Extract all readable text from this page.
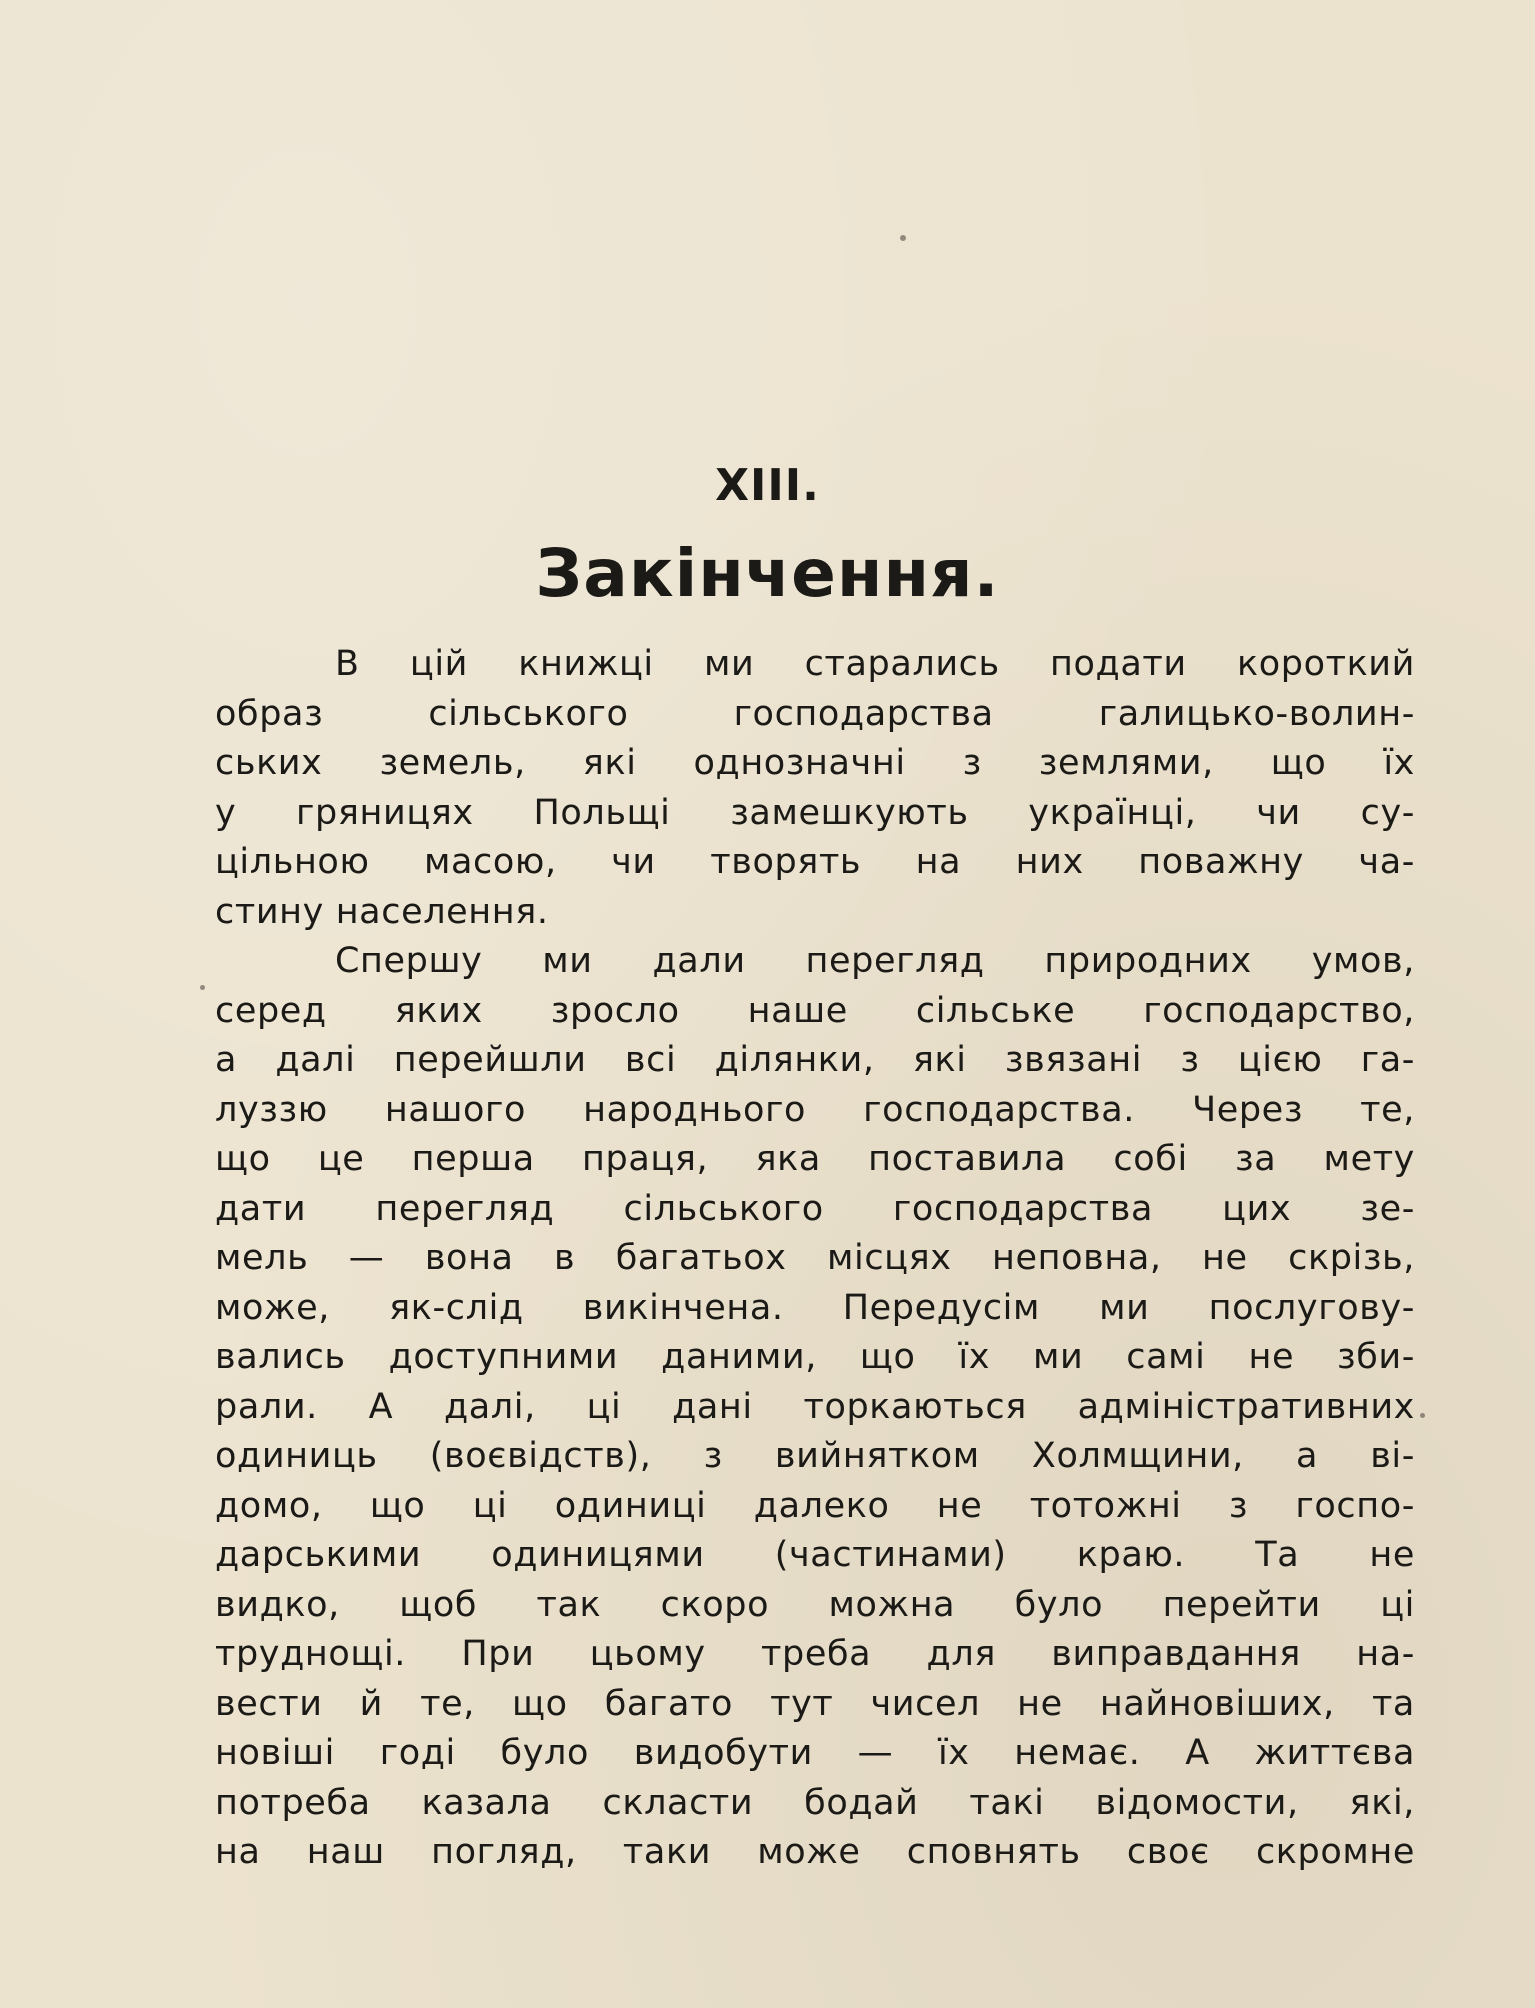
XIII.
Закінчення.
В цій книжці ми старались подати короткий
образ сільського господарства галицько-волин-
ських земель, які однозначні з землями, що їх
у гряницях Польщі замешкують українці, чи су-
цільною масою, чи творять на них поважну ча-
стину населення.
Спершу ми дали перегляд природних умов,
серед яких зросло наше сільське господарство,
а далі перейшли всі ділянки, які звязані з цією га-
луззю нашого народнього господарства. Через те,
що це перша праця, яка поставила собі за мету
дати перегляд сільського господарства цих зе-
мель — вона в багатьох місцях неповна, не скрізь,
може, як-слід викінчена. Передусім ми послугову-
вались доступними даними, що їх ми самі не зби-
рали. А далі, ці дані торкаються адміністративних
одиниць (воєвідств), з вийнятком Холмщини, а ві-
домо, що ці одиниці далеко не тотожні з госпо-
дарськими одиницями (частинами) краю. Та не
видко, щоб так скоро можна було перейти ці
труднощі. При цьому треба для виправдання на-
вести й те, що багато тут чисел не найновіших, та
новіші годі було видобути — їх немає. А життєва
потреба казала скласти бодай такі відомости, які,
на наш погляд, таки може сповнять своє скромне
